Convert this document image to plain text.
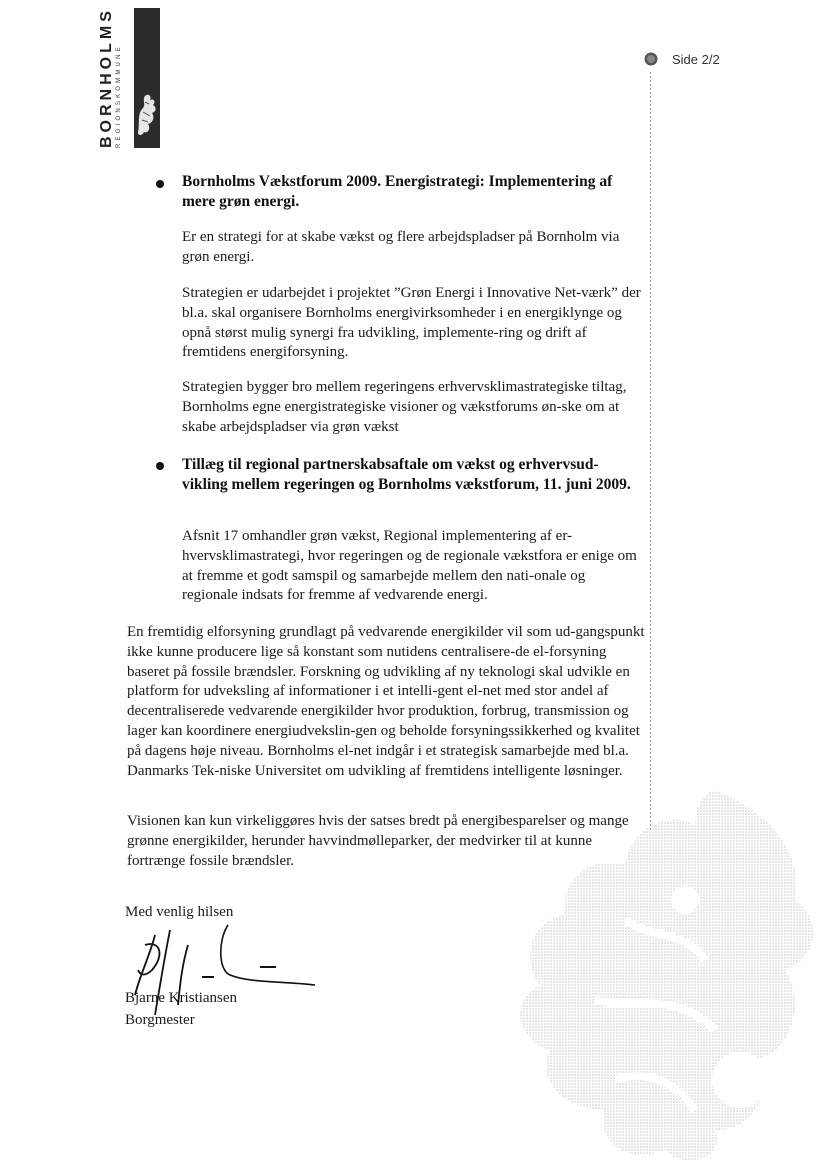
BORNHOLMS REGIONSKOMMUNE	Side 2/2
Bornholms Vækstforum 2009. Energistrategi: Implementering af mere grøn energi.

Er en strategi for at skabe vækst og flere arbejdspladser på Bornholm via grøn energi.

Strategien er udarbejdet i projektet ”Grøn Energi i Innovative Net-værk” der bl.a. skal organisere Bornholms energivirksomheder i en energiklynge og opnå størst mulig synergi fra udvikling, implemente-ring og drift af fremtidens energiforsyning.

Strategien bygger bro mellem regeringens erhvervsklimastrategiske tiltag, Bornholms egne energistrategiske visioner og vækstforums øn-ske om at skabe arbejdspladser via grøn vækst

Tillæg til regional partnerskabsaftale om vækst og erhvervsud-vikling mellem regeringen og Bornholms vækstforum, 11. juni 2009.

Afsnit 17 omhandler grøn vækst, Regional implementering af er-hvervsklimastrategi, hvor regeringen og de regionale vækstfora er enige om at fremme et godt samspil og samarbejde mellem den nati-onale og regionale indsats for fremme af vedvarende energi.

En fremtidig elforsyning grundlagt på vedvarende energikilder vil som ud-gangspunkt ikke kunne producere lige så konstant som nutidens centralisere-de el-forsyning baseret på fossile brændsler. Forskning og udvikling af ny teknologi skal udvikle en platform for udveksling af informationer i et intelli-gent el-net med stor andel af decentraliserede vedvarende energikilder hvor produktion, forbrug, transmission og lager kan koordinere energiudvekslin-gen og beholde forsyningssikkerhed og kvalitet på dagens høje niveau. Bornholms el-net indgår i et strategisk samarbejde med bl.a. Danmarks Tek-niske Universitet om udvikling af fremtidens intelligente løsninger.

Visionen kan kun virkeliggøres hvis der satses bredt på energibesparelser og mange grønne energikilder, herunder havvindmølleparker, der medvirker til at kunne fortrænge fossile brændsler.

Med venlig hilsen
Bjarne Kristiansen
Borgmester
